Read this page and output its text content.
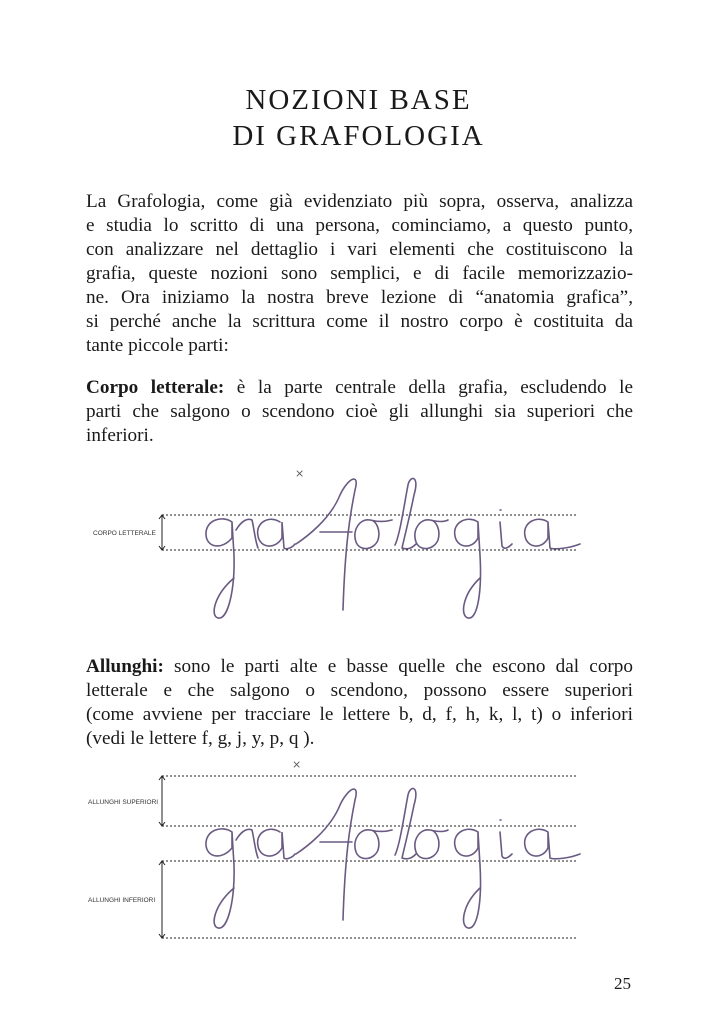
NOZIONI BASE
DI GRAFOLOGIA
La Grafologia, come già evidenziato più sopra, osserva, analizza
e studia lo scritto di una persona, cominciamo, a questo punto,
con analizzare nel dettaglio i vari elementi che costituiscono la
grafia, queste nozioni sono semplici, e di facile memorizzazio-
ne. Ora iniziamo la nostra breve lezione di “anatomia grafica”,
si perché anche la scrittura come il nostro corpo è costituita da
tante piccole parti:
Corpo letterale: è la parte centrale della grafia, escludendo le
parti che salgono o scendono cioè gli allunghi sia superiori che
inferiori.
CORPO LETTERALE
×
Allunghi: sono le parti alte e basse quelle che escono dal corpo
letterale e che salgono o scendono, possono essere superiori
(come avviene per tracciare le lettere b, d, f, h, k, l, t) o inferiori
(vedi le lettere f, g, j, y, p, q ).
ALLUNGHI SUPERIORI
ALLUNGHI INFERIORI
×
25
